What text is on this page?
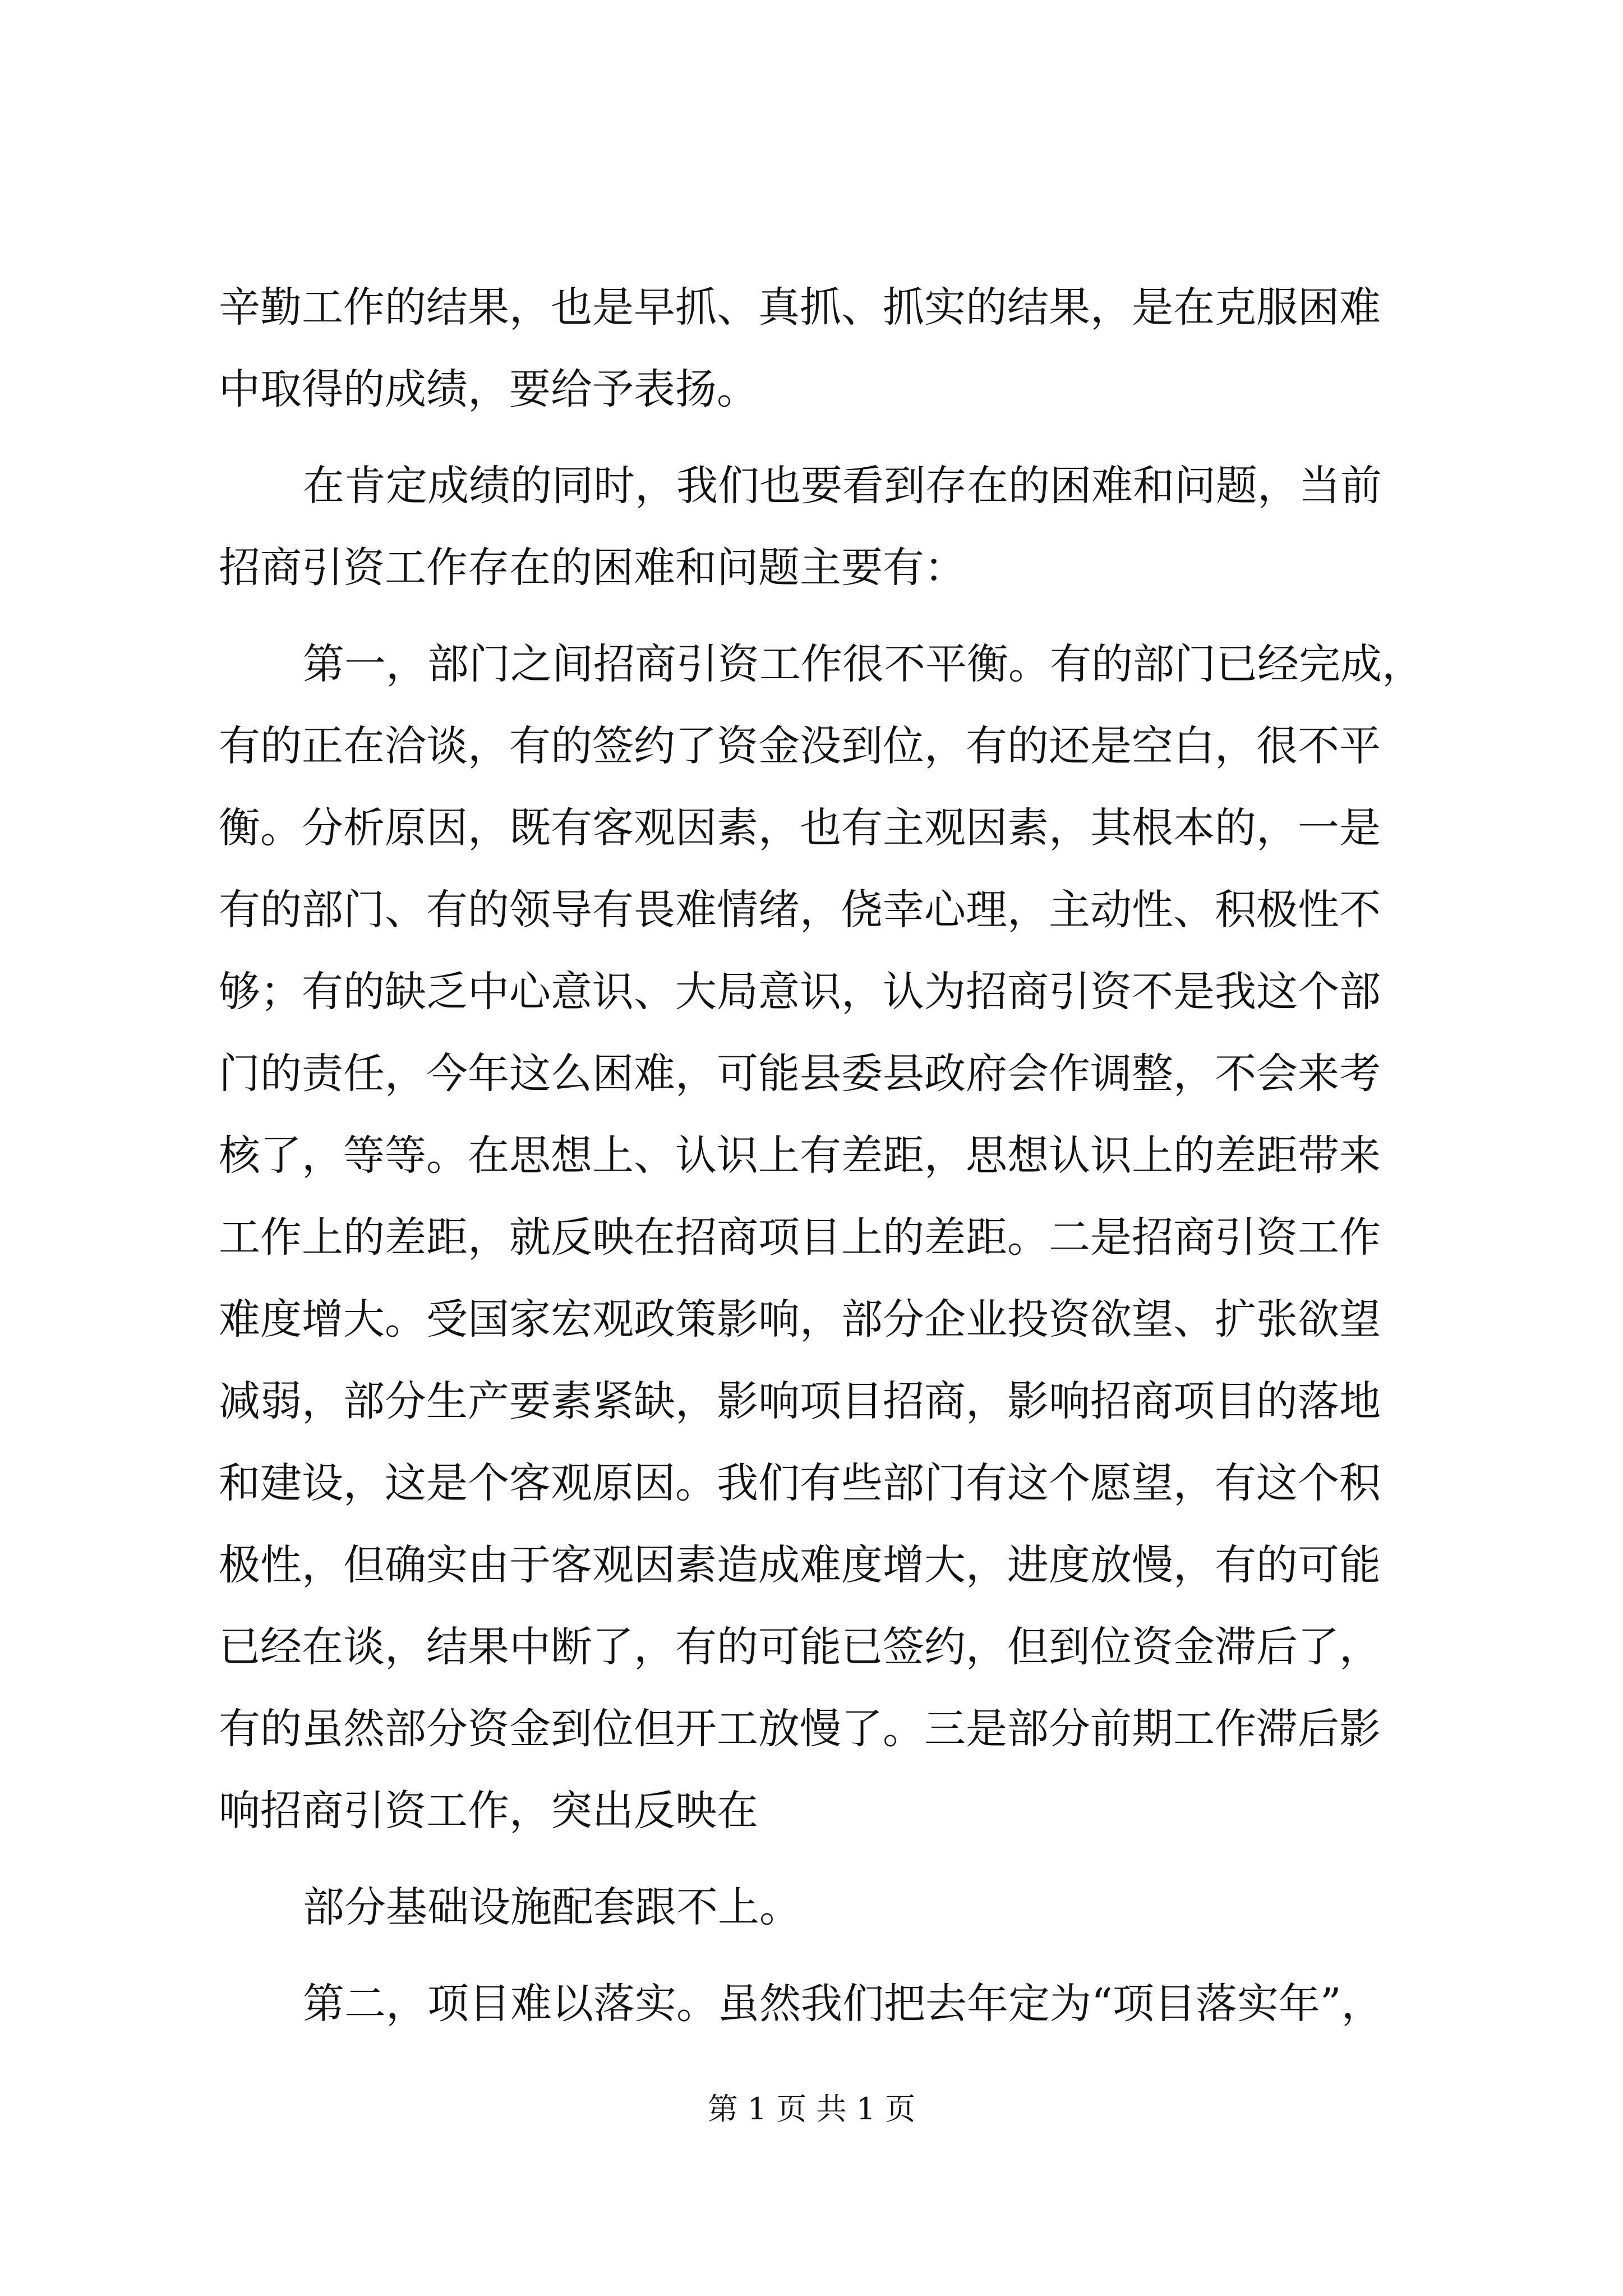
辛勤工作的结果，也是早抓、真抓、抓实的结果，是在克服困难
中取得的成绩，要给予表扬。
在肯定成绩的同时，我们也要看到存在的困难和问题，当前
招商引资工作存在的困难和问题主要有：
第一，部门之间招商引资工作很不平衡。有的部门已经完成，
有的正在洽谈，有的签约了资金没到位，有的还是空白，很不平
衡。分析原因，既有客观因素，也有主观因素，其根本的，一是
有的部门、有的领导有畏难情绪，侥幸心理，主动性、积极性不
够；有的缺乏中心意识、大局意识，认为招商引资不是我这个部
门的责任，今年这么困难，可能县委县政府会作调整，不会来考
核了，等等。在思想上、认识上有差距，思想认识上的差距带来
工作上的差距，就反映在招商项目上的差距。二是招商引资工作
难度增大。受国家宏观政策影响，部分企业投资欲望、扩张欲望
减弱，部分生产要素紧缺，影响项目招商，影响招商项目的落地
和建设，这是个客观原因。我们有些部门有这个愿望，有这个积
极性，但确实由于客观因素造成难度增大，进度放慢，有的可能
已经在谈，结果中断了，有的可能已签约，但到位资金滞后了，
有的虽然部分资金到位但开工放慢了。三是部分前期工作滞后影
响招商引资工作，突出反映在
部分基础设施配套跟不上。
第二，项目难以落实。虽然我们把去年定为“项目落实年”，
第 1 页 共 1 页
